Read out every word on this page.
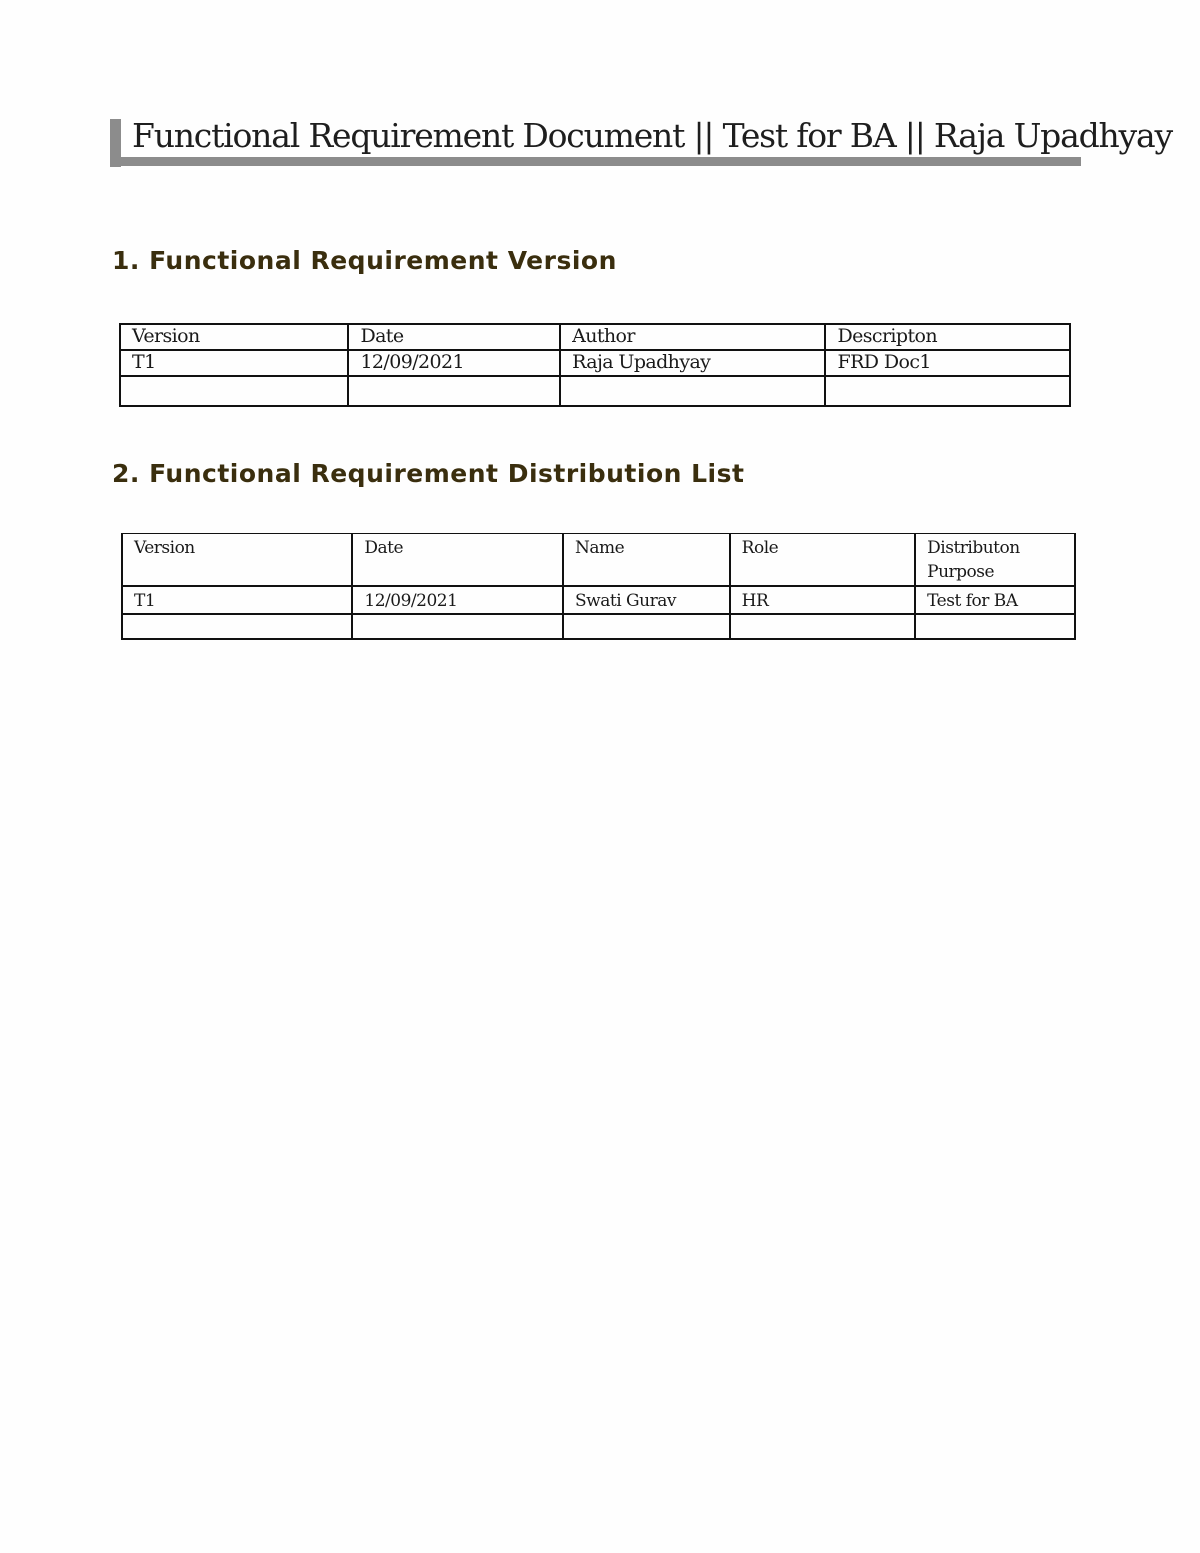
Functional Requirement Document || Test for BA || Raja Upadhyay
1. Functional Requirement Version
Version	Date	Author	Descripton
T1	12/09/2021	Raja Upadhyay	FRD Doc1

2. Functional Requirement Distribution List
Version	Date	Name	Role	Distributon Purpose
T1	12/09/2021	Swati Gurav	HR	Test for BA
